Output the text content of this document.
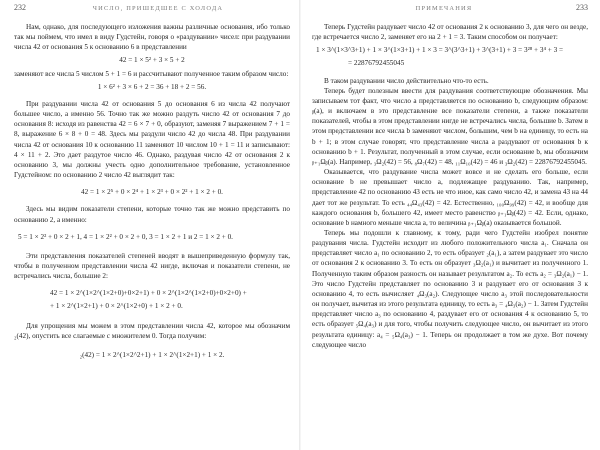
232	ЧИСЛО, ПРИШЕДШЕЕ С ХОЛОДА

Нам, однако, для последующего изложения важны различные основания, ибо только так мы поймем, что имел в виду Гудстейн, говоря о «раздувании» чисел: при раздувании числа 42 от основания 5 к основанию 6 в представлении

42 = 1 × 5² + 3 × 5 + 2

заменяют все числа 5 числом 5 + 1 = 6 и рассчитывают полученное таким образом число:

1 × 6² + 3 × 6 + 2 = 36 + 18 + 2 = 56.

При раздувании числа 42 от основания 5 до основания 6 из числа 42 получают большее число, а именно 56. Точно так же можно раздуть число 42 от основания 7 до основания 8: исходя из равенства 42 = 6 × 7 + 0, образуют, заменяя 7 выражением 7 + 1 = 8, выражение 6 × 8 + 0 = 48. Здесь мы раздули число 42 до числа 48. При раздувании числа 42 от основания 10 к основанию 11 заменяют 10 числом 10 + 1 = 11 и записывают: 4 × 11 + 2. Это дает раздутое число 46. Однако, раздувая число 42 от основания 2 к основанию 3, мы должны учесть одно дополнительное требование, установленное Гудстейном: по основанию 2 число 42 выглядит так:

42 = 1 × 2⁵ + 0 × 2⁴ + 1 × 2³ + 0 × 2² + 1 × 2 + 0.

Здесь мы видим показатели степени, которые точно так же можно представить по основанию 2, а именно:

5 = 1 × 2² + 0 × 2 + 1, 4 = 1 × 2² + 0 × 2 + 0, 3 = 1 × 2 + 1 и 2 = 1 × 2 + 0.

Эти представления показателей степеней вводят в вышеприведенную формулу так, чтобы в полученном представлении числа 42 нигде, включая и показатели степени, не встречались числа, большие 2:

42 = 1 × 2^(1×2^(1×2+0)+0×2+1) + 0 × 2^(1×2^(1×2+0)+0×2+0) +
+ 1 × 2^(1×2+1) + 0 × 2^(1×2+0) + 1 × 2 + 0.

Для упрощения мы можем в этом представлении числа 42, которое мы обозначим ₂(42), опустить все слагаемые с множителем 0. Тогда получим:

₂(42) = 1 × 2^(1×2^2+1) + 1 × 2^(1×2+1) + 1 × 2.
ПРИМЕЧАНИЯ	233

Теперь Гудстейн раздувает число 42 от основания 2 к основанию 3, для чего он везде, где встречается число 2, заменяет его на 2 + 1 = 3. Таким способом он получает:

1 × 3^(1×3^3+1) + 1 × 3^(1×3+1) + 1 × 3 = 3^(3^3+1) + 3^(3+1) + 3 = 3²⁸ + 3⁴ + 3 =
= 22876792455045

В таком раздувании число действительно что-то есть.

Теперь будет полезным ввести для раздувания соответствующие обозначения. Мы записываем тот факт, что число a представляется по основанию b, следующим образом: ᵦ(a), и включаем в это представление все показатели степени, а также показатели показателей, чтобы в этом представлении нигде не встречались числа, большие b. Затем в этом представлении все числа b заменяют числом, большим, чем b на единицу, то есть на b + 1; в этом случае говорят, что представление числа a раздувают от основания b к основанию b + 1. Результат, полученный в этом случае, если основание b, мы обозначим ᵦ₊₁Ωᵦ(a). Например, ₃Ω₂(42) = 56, ₈Ω₇(42) = 48, ₁₁Ω₁₀(42) = 46 и ₃Ω₂(42) = 22876792455045.

Оказывается, что раздувание числа может вовсе и не сделать его больше, если основание b не превышает число a, подлежащее раздуванию. Так, например, представление 42 по основанию 43 есть не что иное, как само число 42, и замена 43 на 44 дает тот же результат. То есть ₄₄Ω₄₃(42) = 42. Естественно, ₁₀₀Ω₉₉(42) = 42, и вообще для каждого основания b, большего 42, имеет место равенство ᵦ₊₁Ωᵦ(42) = 42. Если, однако, основание b намного меньше числа a, то величина ᵦ₊₁Ωᵦ(a) оказывается большой.

Теперь мы подошли к главному, к тому, ради чего Гудстейн изобрел понятие раздувания числа. Гудстейн исходит из любого положительного числа a₁. Сначала он представляет число a₁ по основанию 2, то есть образует ₂(a₁), а затем раздувает это число от основания 2 к основанию 3. То есть он образует ₃Ω₂(a₁) и вычитает из полученного 1. Полученную таким образом разность он называет результатом a₂. То есть a₂ = ₃Ω₂(a₁) − 1. Это число Гудстейн представляет по основанию 3 и раздувает его от основания 3 к основанию 4, то есть вычисляет ₄Ω₃(a₂). Следующее число a₃ этой последовательности он получает, вычитая из этого результата единицу, то есть a₃ = ₄Ω₃(a₂) − 1. Затем Гудстейн представляет число a₃ по основанию 4, раздувает его от основания 4 к основанию 5, то есть образует ₅Ω₄(a₃) и для того, чтобы получить следующее число, он вычитает из этого результата единицу: a₄ = ₅Ω₄(a₃) − 1. Теперь он продолжает в том же духе. Вот почему следующее число
